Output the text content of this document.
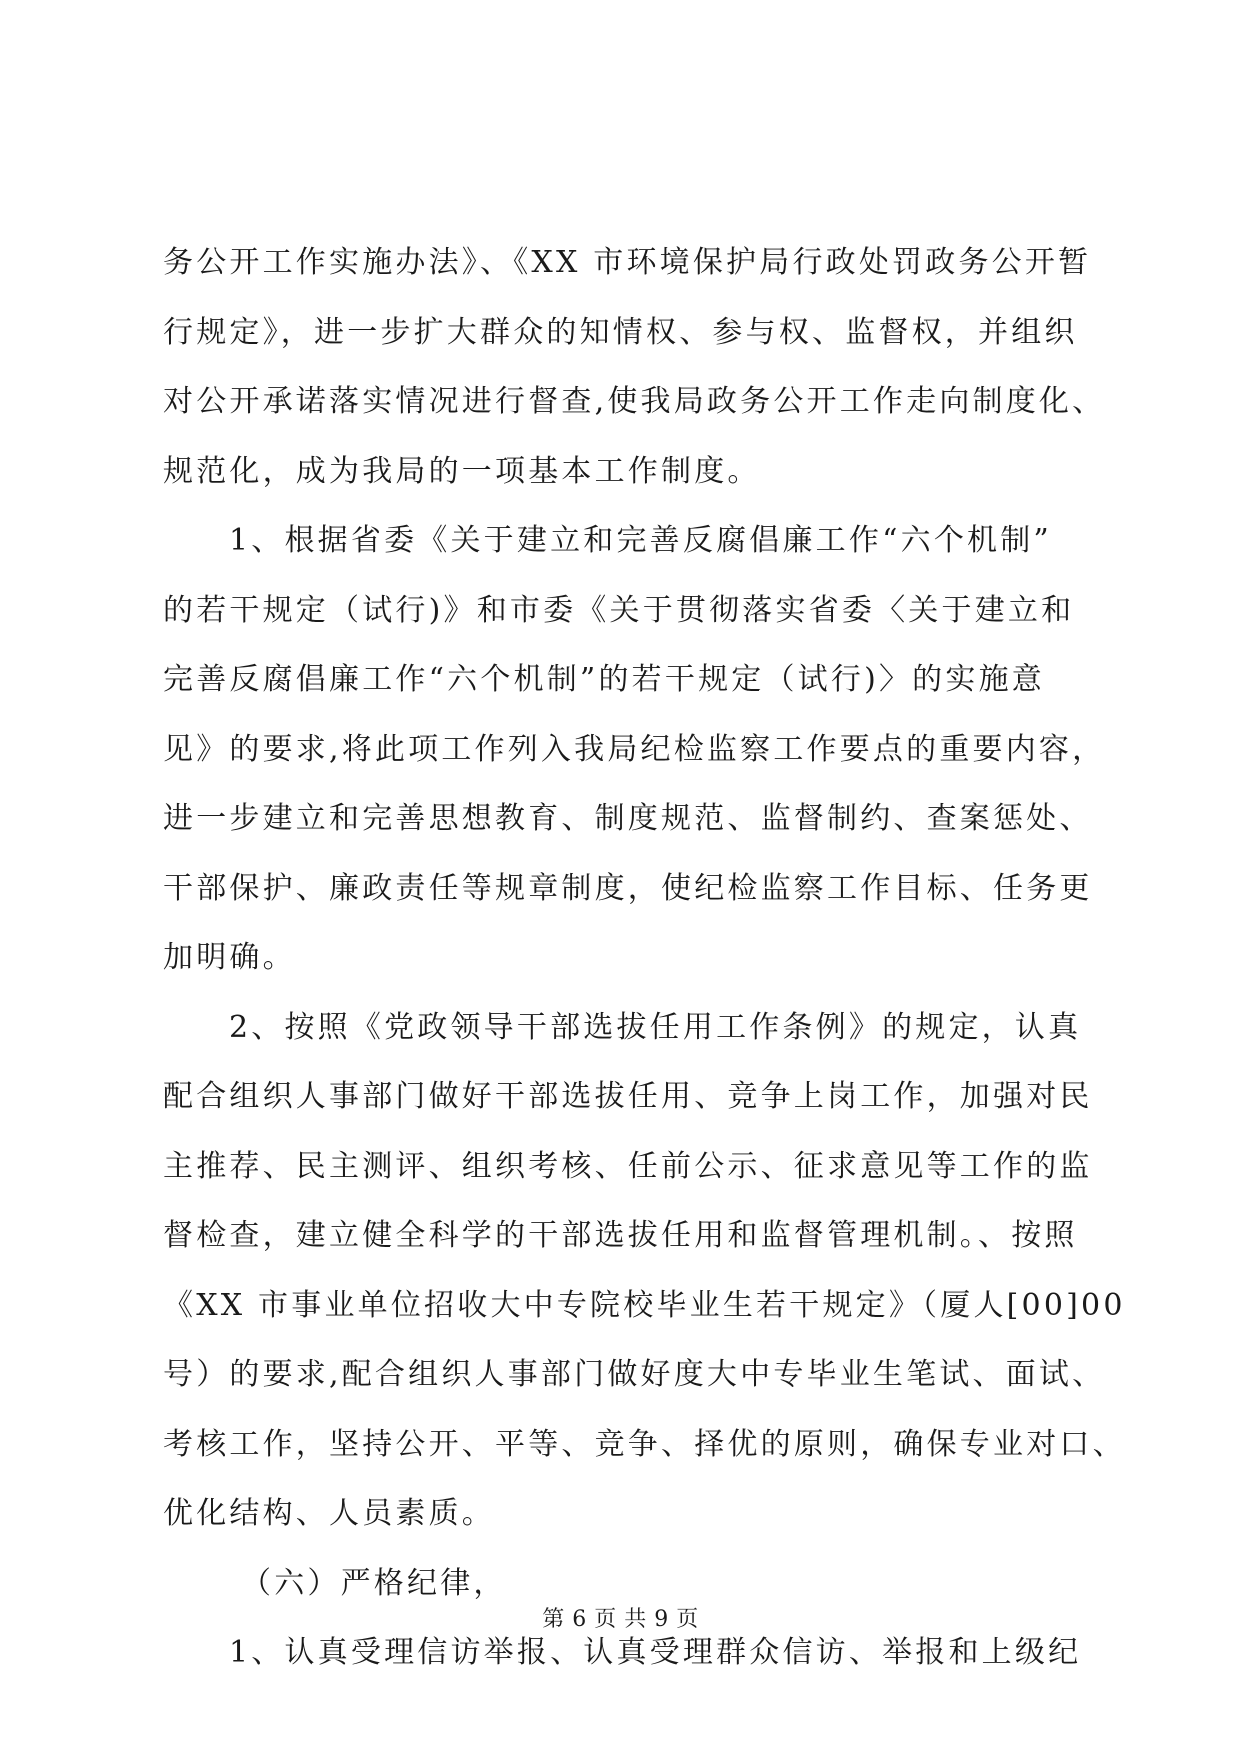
务公开工作实施办法》、《XX 市环境保护局行政处罚政务公开暂
行规定》，进一步扩大群众的知情权、参与权、监督权，并组织
对公开承诺落实情况进行督查,使我局政务公开工作走向制度化、
规范化，成为我局的一项基本工作制度。
1、根据省委《关于建立和完善反腐倡廉工作“六个机制”
的若干规定（试行)》和市委《关于贯彻落实省委〈关于建立和
完善反腐倡廉工作“六个机制”的若干规定（试行)〉的实施意
见》的要求,将此项工作列入我局纪检监察工作要点的重要内容，
进一步建立和完善思想教育、制度规范、监督制约、查案惩处、
干部保护、廉政责任等规章制度，使纪检监察工作目标、任务更
加明确。
2、按照《党政领导干部选拔任用工作条例》的规定，认真
配合组织人事部门做好干部选拔任用、竞争上岗工作，加强对民
主推荐、民主测评、组织考核、任前公示、征求意见等工作的监
督检查，建立健全科学的干部选拔任用和监督管理机制。、按照
《XX 市事业单位招收大中专院校毕业生若干规定》（厦人[00]00
号）的要求,配合组织人事部门做好度大中专毕业生笔试、面试、
考核工作，坚持公开、平等、竞争、择优的原则，确保专业对口、
优化结构、人员素质。
（六）严格纪律，
1、认真受理信访举报、认真受理群众信访、举报和上级纪
第 6 页 共 9 页
